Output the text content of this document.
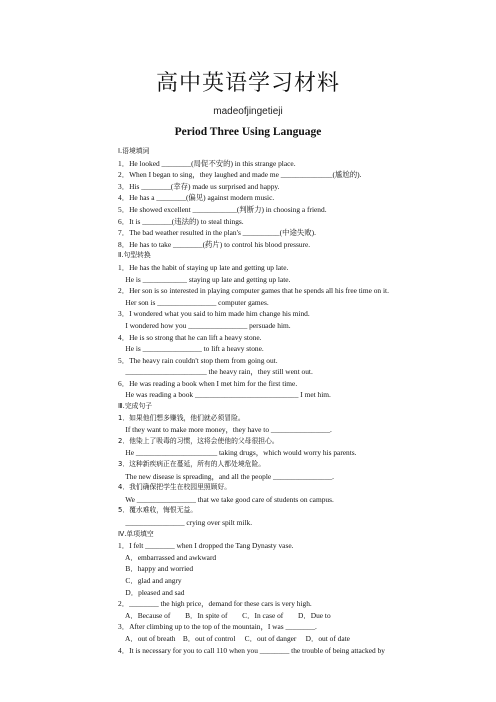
高中英语学习材料
madeofjingetieji
Period Three Using Language
Ⅰ.语境填词
1．He looked ________(局促不安的) in this strange place.
2．When I began to sing，they laughed and made me ______________(尴尬的).
3．His ________(幸存) made us surprised and happy.
4．He has a ________(偏见) against modern music.
5．He showed excellent ____________(判断力) in choosing a friend.
6．It is ________(违法的) to steal things.
7．The bad weather resulted in the plan's __________(中途失败).
8．He has to take ________(药片) to control his blood pressure.
Ⅱ.句型转换
1．He has the habit of staying up late and getting up late.
He is ____________ staying up late and getting up late.
2．Her son is so interested in playing computer games that he spends all his free time on it.
Her son is ________________ computer games.
3．I wondered what you said to him made him change his mind.
I wondered how you ________________ persuade him.
4．He is so strong that he can lift a heavy stone.
He is ________________ to lift a heavy stone.
5．The heavy rain couldn't stop them from going out.
______________________ the heavy rain，they still went out.
6．He was reading a book when I met him for the first time.
He was reading a book ____________________________ I met him.
Ⅲ.完成句子
1．如果他们想多赚钱，他们就必须冒险。
If they want to make more money，they have to ________________.
2．他染上了吸毒的习惯，这将会使他的父母很担心。
He ______________________ taking drugs，which would worry his parents.
3．这种新疾病正在蔓延，所有的人都处境危险。
The new disease is spreading，and all the people ________________.
4．我们确保把学生在校园里照顾好。
We ________________ that we take good care of students on campus.
5．覆水难收，悔恨无益。
________________ crying over spilt milk.
Ⅳ.单项填空
1．I felt ________ when I dropped the Tang Dynasty vase.
A．embarrassed and awkward
B．happy and worried
C．glad and angry
D．pleased and sad
2．________ the high price，demand for these cars is very high.
A．Because of        B．In spite of        C．In case of        D．Due to
3．After climbing up to the top of the mountain，I was ________.
A．out of breath    B．out of control     C．out of danger     D．out of date
4．It is necessary for you to call 110 when you ________ the trouble of being attacked by
